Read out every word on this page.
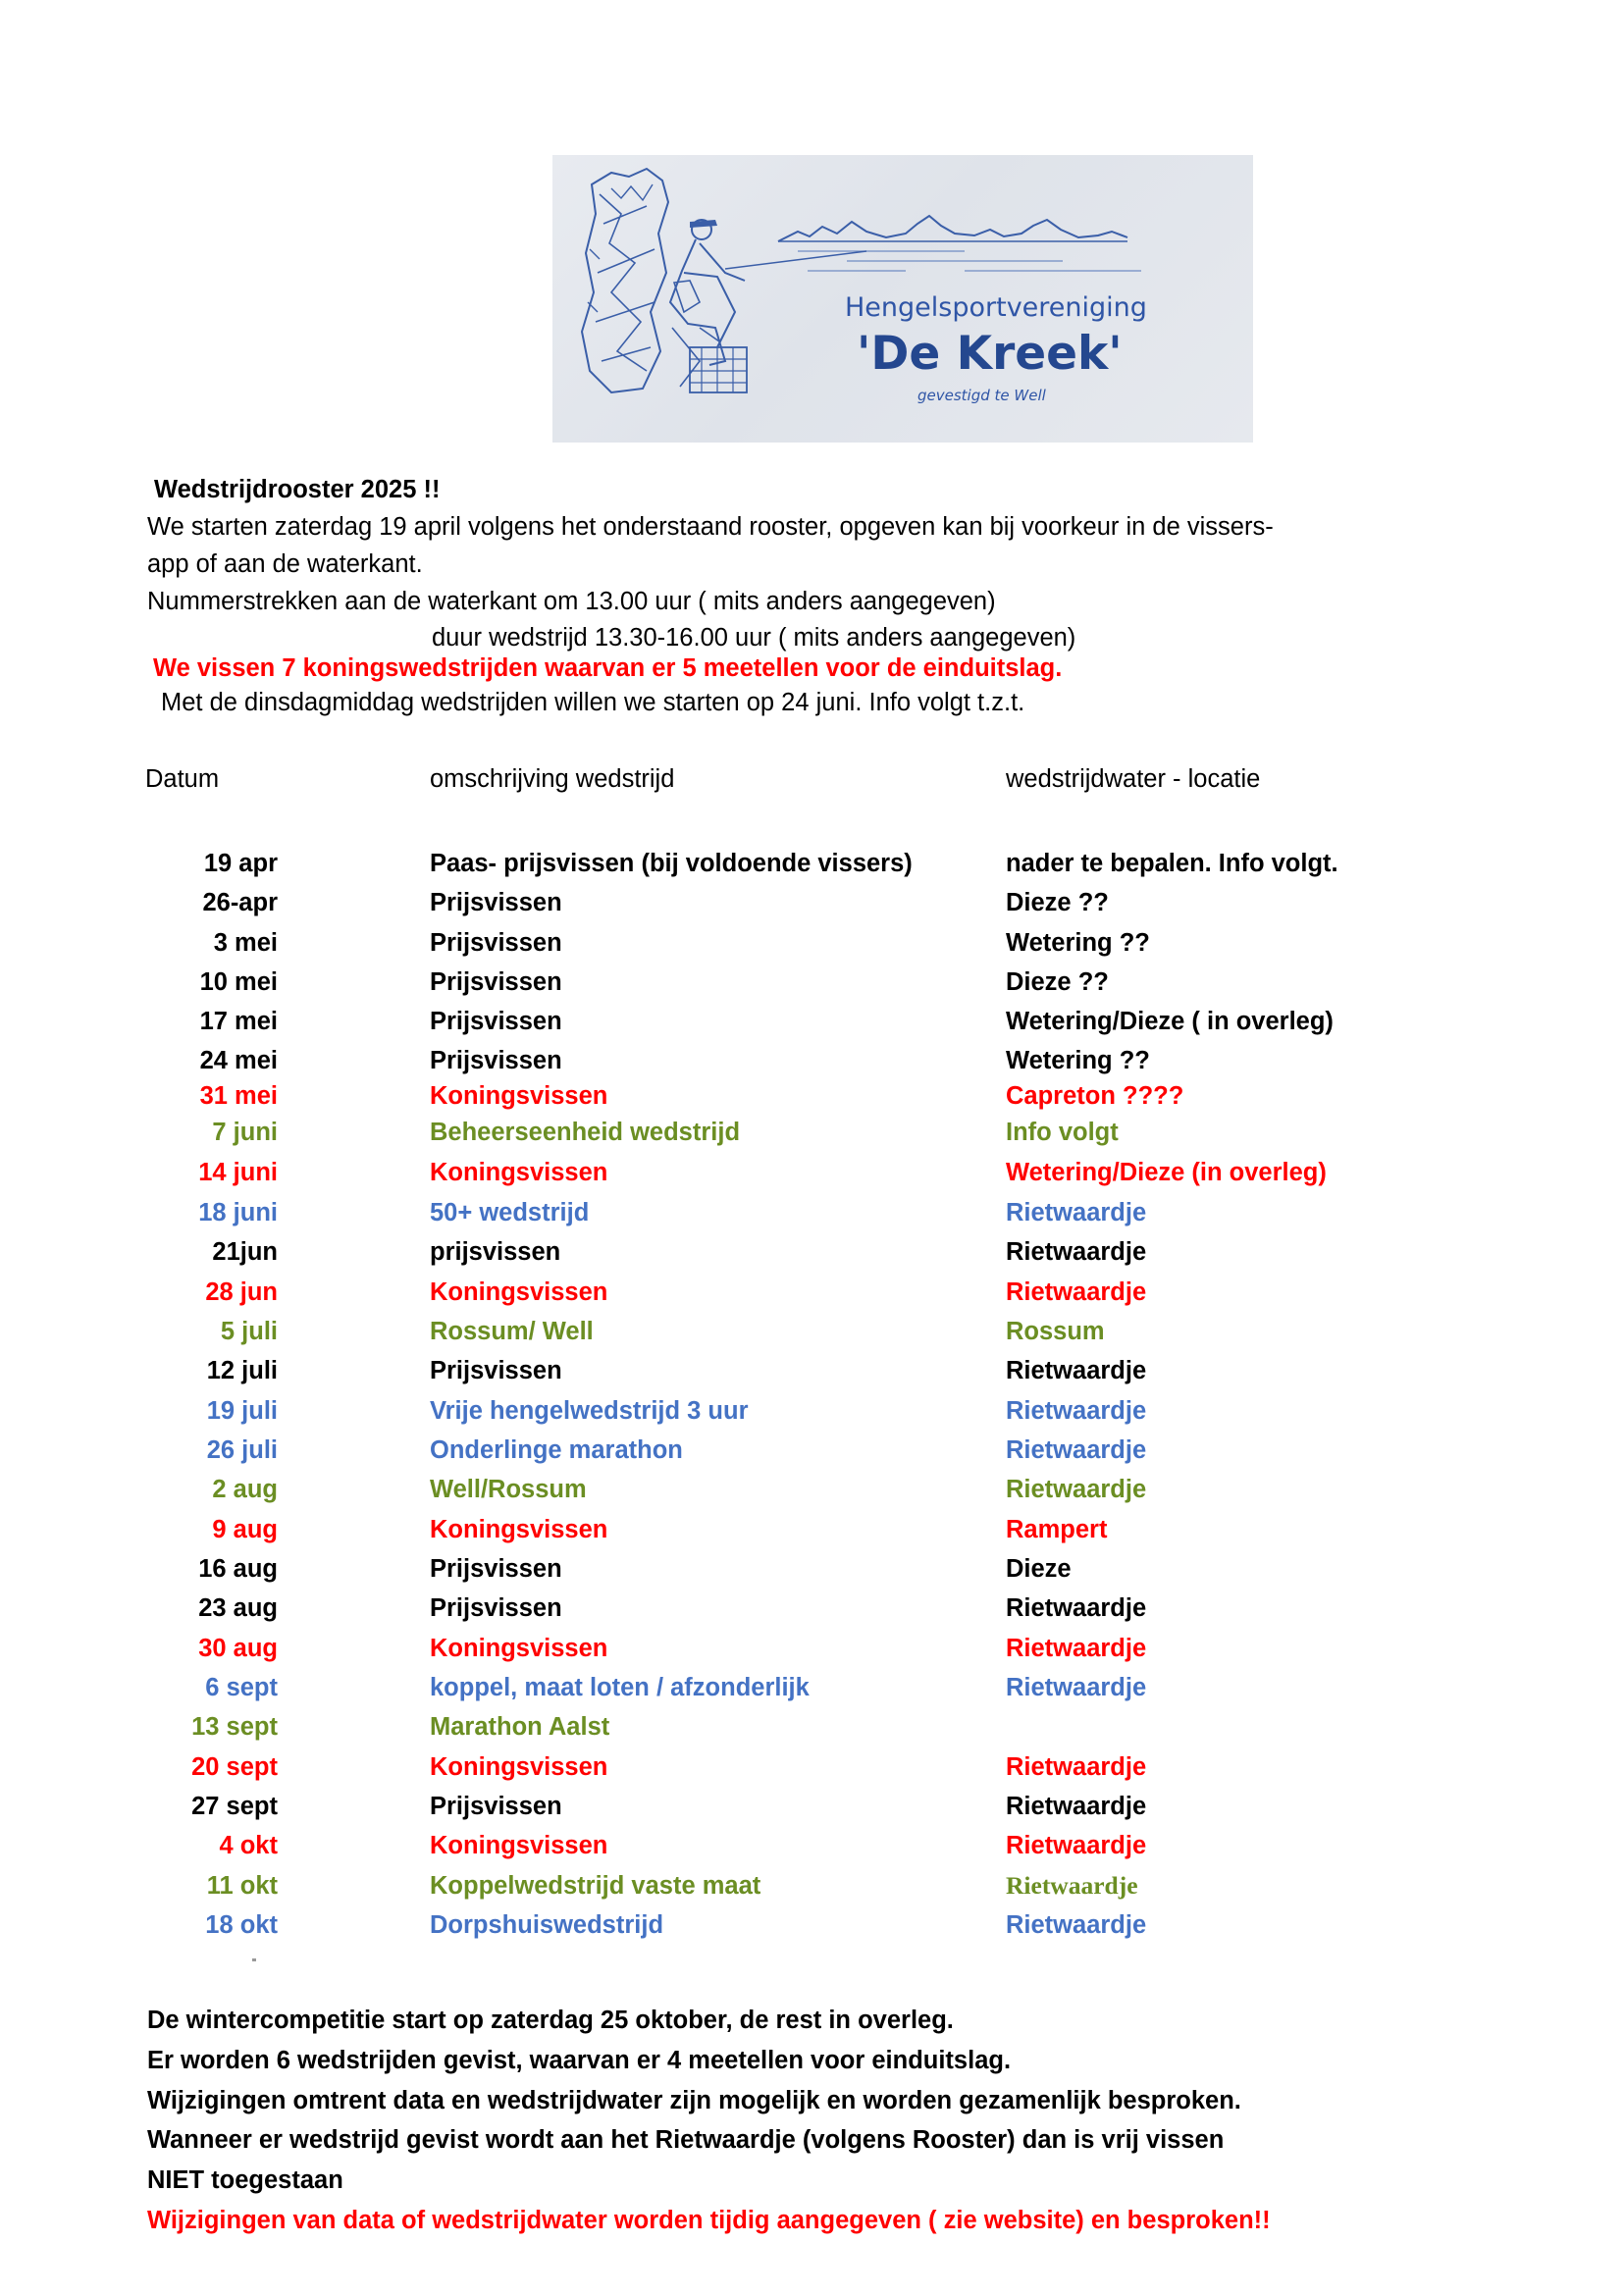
Hengelsportvereniging
'De Kreek'
gevestigd te Well
Wedstrijdrooster 2025 !!
We starten zaterdag 19 april volgens het onderstaand rooster, opgeven kan bij voorkeur in de vissers-
app of aan de waterkant.
Nummerstrekken aan de waterkant om 13.00 uur ( mits anders aangegeven)
duur wedstrijd 13.30-16.00 uur ( mits anders aangegeven)
We vissen 7 koningswedstrijden waarvan er 5 meetellen voor de einduitslag.
Met de dinsdagmiddag wedstrijden willen we starten op 24 juni. Info volgt t.z.t.
Datum	omschrijving wedstrijd	wedstrijdwater - locatie
19 apr	Paas- prijsvissen (bij voldoende vissers)	nader te bepalen. Info volgt.
26-apr	Prijsvissen	Dieze ??
3 mei	Prijsvissen	Wetering ??
10 mei	Prijsvissen	Dieze ??
17 mei	Prijsvissen	Wetering/Dieze ( in overleg)
24 mei	Prijsvissen	Wetering ??
31 mei	Koningsvissen	Capreton ????
7 juni	Beheerseenheid wedstrijd	Info volgt
14 juni	Koningsvissen	Wetering/Dieze (in overleg)
18 juni	50+ wedstrijd	Rietwaardje
21jun	prijsvissen	Rietwaardje
28 jun	Koningsvissen	Rietwaardje
5 juli	Rossum/ Well	Rossum
12 juli	Prijsvissen	Rietwaardje
19 juli	Vrije hengelwedstrijd 3 uur	Rietwaardje
26 juli	Onderlinge marathon	Rietwaardje
2 aug	Well/Rossum	Rietwaardje
9 aug	Koningsvissen	Rampert
16 aug	Prijsvissen	Dieze
23 aug	Prijsvissen	Rietwaardje
30 aug	Koningsvissen	Rietwaardje
6 sept	koppel, maat loten / afzonderlijk	Rietwaardje
13 sept	Marathon Aalst
20 sept	Koningsvissen	Rietwaardje
27 sept	Prijsvissen	Rietwaardje
4 okt	Koningsvissen	Rietwaardje
11 okt	Koppelwedstrijd vaste maat	Rietwaardje
18 okt	Dorpshuiswedstrijd	Rietwaardje
De wintercompetitie start op zaterdag 25 oktober, de rest in overleg.
Er worden 6 wedstrijden gevist, waarvan er 4 meetellen voor einduitslag.
Wijzigingen omtrent data en wedstrijdwater zijn mogelijk en worden gezamenlijk besproken.
Wanneer er wedstrijd gevist wordt aan het Rietwaardje (volgens Rooster) dan is vrij vissen
NIET toegestaan
Wijzigingen van data of wedstrijdwater worden tijdig aangegeven ( zie website) en besproken!!
